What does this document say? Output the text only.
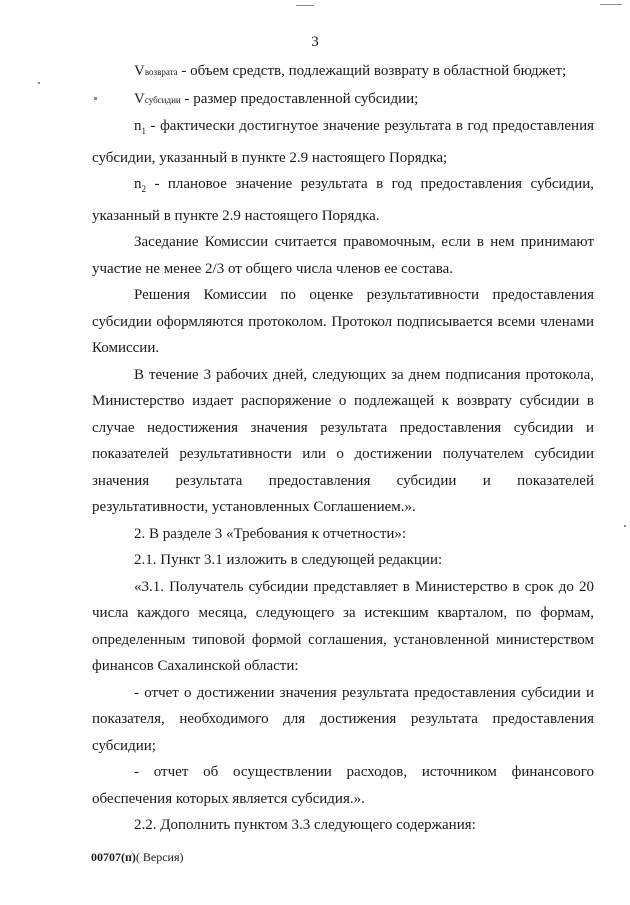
3

Vвозврата - объем средств, подлежащий возврату в областной бюджет;

Vсубсидии - размер предоставленной субсидии;

$n_1$ - фактически достигнутое значение результата в год предоставления субсидии, указанный в пункте 2.9 настоящего Порядка;

$n_2$ - плановое значение результата в год предоставления субсидии, указанный в пункте 2.9 настоящего Порядка.

Заседание Комиссии считается правомочным, если в нем принимают участие не менее 2/3 от общего числа членов ее состава.

Решения Комиссии по оценке результативности предоставления субсидии оформляются протоколом. Протокол подписывается всеми членами Комиссии.

В течение 3 рабочих дней, следующих за днем подписания протокола, Министерство издает распоряжение о подлежащей к возврату субсидии в случае недостижения значения результата предоставления субсидии и показателей результативности или о достижении получателем субсидии значения результата предоставления субсидии и показателей результативности, установленных Соглашением.».

2. В разделе 3 «Требования к отчетности»:

2.1. Пункт 3.1 изложить в следующей редакции:

«3.1. Получатель субсидии представляет в Министерство в срок до 20 числа каждого месяца, следующего за истекшим кварталом, по формам, определенным типовой формой соглашения, установленной министерством финансов Сахалинской области:

- отчет о достижении значения результата предоставления субсидии и показателя, необходимого для достижения результата предоставления субсидии;

- отчет об осуществлении расходов, источником финансового обеспечения которых является субсидия.».

2.2. Дополнить пунктом 3.3 следующего содержания:

00707(п)( Версия)
